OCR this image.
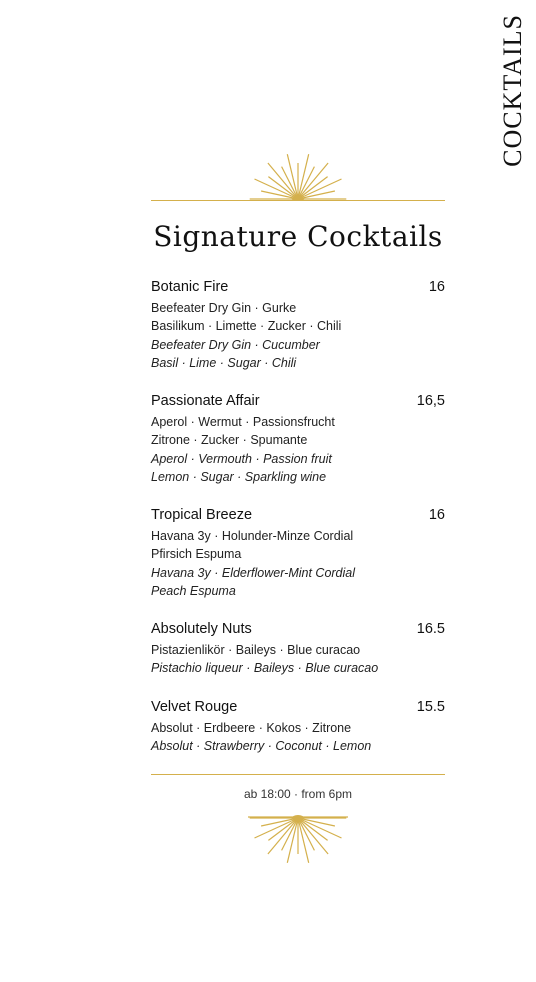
COCKTAILS
Signature Cocktails
Botanic Fire	16
Beefeater Dry Gin · Gurke
Basilikum · Limette · Zucker · Chili
Beefeater Dry Gin · Cucumber
Basil · Lime · Sugar · Chili
Passionate Affair	16,5
Aperol · Wermut · Passionsfrucht
Zitrone · Zucker · Spumante
Aperol · Vermouth · Passion fruit
Lemon · Sugar · Sparkling wine
Tropical Breeze	16
Havana 3y · Holunder-Minze Cordial
Pfirsich Espuma
Havana 3y · Elderflower-Mint Cordial
Peach Espuma
Absolutely Nuts	16.5
Pistazienlikör · Baileys · Blue curacao
Pistachio liqueur · Baileys · Blue curacao
Velvet Rouge	15.5
Absolut · Erdbeere · Kokos · Zitrone
Absolut · Strawberry · Coconut · Lemon
ab 18:00 · from 6pm
